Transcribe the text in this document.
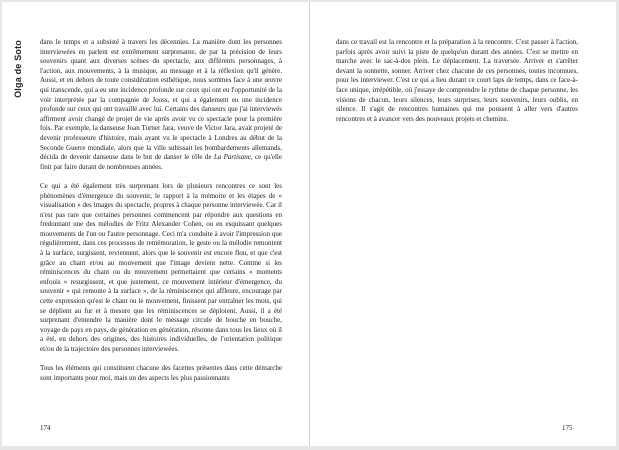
Olga de Soto dans le temps et a subsisté à travers les décennies. La manière dont les personnes interviewées en parlent est extrêmement surprenante, de par la précision de leurs souvenirs quant aux diverses scènes du spectacle, aux différents personnages, à l'action, aux mouvements, à la musique, au message et à la réflexion qu'il génère. Aussi, et en dehors de toute considération esthétique, nous sommes face à une œuvre qui transcende, qui a eu une incidence profonde sur ceux qui ont eu l'opportunité de la voir interprétée par la compagnie de Jooss, et qui a également eu une incidence profonde sur ceux qui ont travaillé avec lui. Certains des danseurs que j'ai interviewés affirment avoir changé de projet de vie après avoir vu ce spectacle pour la première fois. Par exemple, la danseuse Joan Turner Jara, veuve de Victor Jara, avait projeté de devenir professeure d'histoire, mais ayant vu le spectacle à Londres au début de la Seconde Guerre mondiale, alors que la ville subissait les bombardements allemands, décida de devenir danseuse dans le but de danser le rôle de La Partisane, ce qu'elle finit par faire durant de nombreuses années.

Ce qui a été également très surprenant lors de plusieurs rencontres ce sont les phénomènes d'émergence du souvenir, le rapport à la mémoire et les étapes de « visualisation » des images du spectacle, propres à chaque personne interviewée. Car il n'est pas rare que certaines personnes commencent par répondre aux questions en fredonnant une des mélodies de Fritz Alexander Cohen, ou en esquissant quelques mouvements de l'un ou l'autre personnage. Ceci m'a conduite à avoir l'impression que régulièrement, dans ces processus de remémoration, le geste ou la mélodie remontent à la surface, surgissent, reviennent, alors que le souvenir est encore flou, et que c'est grâce au chant et/ou au mouvement que l'image devient nette. Comme si les réminiscences du chant ou du mouvement permettaient que certains « moments enfouis » resurgissent, et que justement, ce mouvement intérieur d'émergence, du souvenir « qui remonte à la surface », de la réminiscence qui affleure, encourage par cette expression qu'est le chant ou le mouvement, finissent par entraîner les mots, qui se déplient au fur et à mesure que les réminiscences se déploient. Aussi, il a été surprenant d'entendre la manière dont le message circule de bouche en bouche, voyage de pays en pays, de génération en génération, résonne dans tous les lieux où il a été, en dehors des origines, des histoires individuelles, de l'orientation politique et/ou de la trajectoire des personnes interviewées.

Tous les éléments qui constituent chacune des facettes présentes dans cette démarche sont importants pour moi, mais un des aspects les plus passionnants

dans ce travail est la rencontre et la préparation à la rencontre. C'est passer à l'action, parfois après avoir suivi la piste de quelqu'un durant des années. C'est se mettre en marche avec le sac-à-dos plein. Le déplacement. La traversée. Arriver et s'arrêter devant la sonnette, sonner. Arriver chez chacune de ces personnes, toutes inconnues, pour les interviewer. C'est ce qui a lieu durant ce court laps de temps, dans ce face-à-face unique, irrépétible, où j'essaye de comprendre le rythme de chaque personne, les visions de chacun, leurs silences, leurs surprises, leurs souvenirs, leurs oublis, en silence. Il s'agit de rencontres humaines qui me poussent à aller vers d'autres rencontres et à avancer vers des nouveaux projets et chemins.

174	175
